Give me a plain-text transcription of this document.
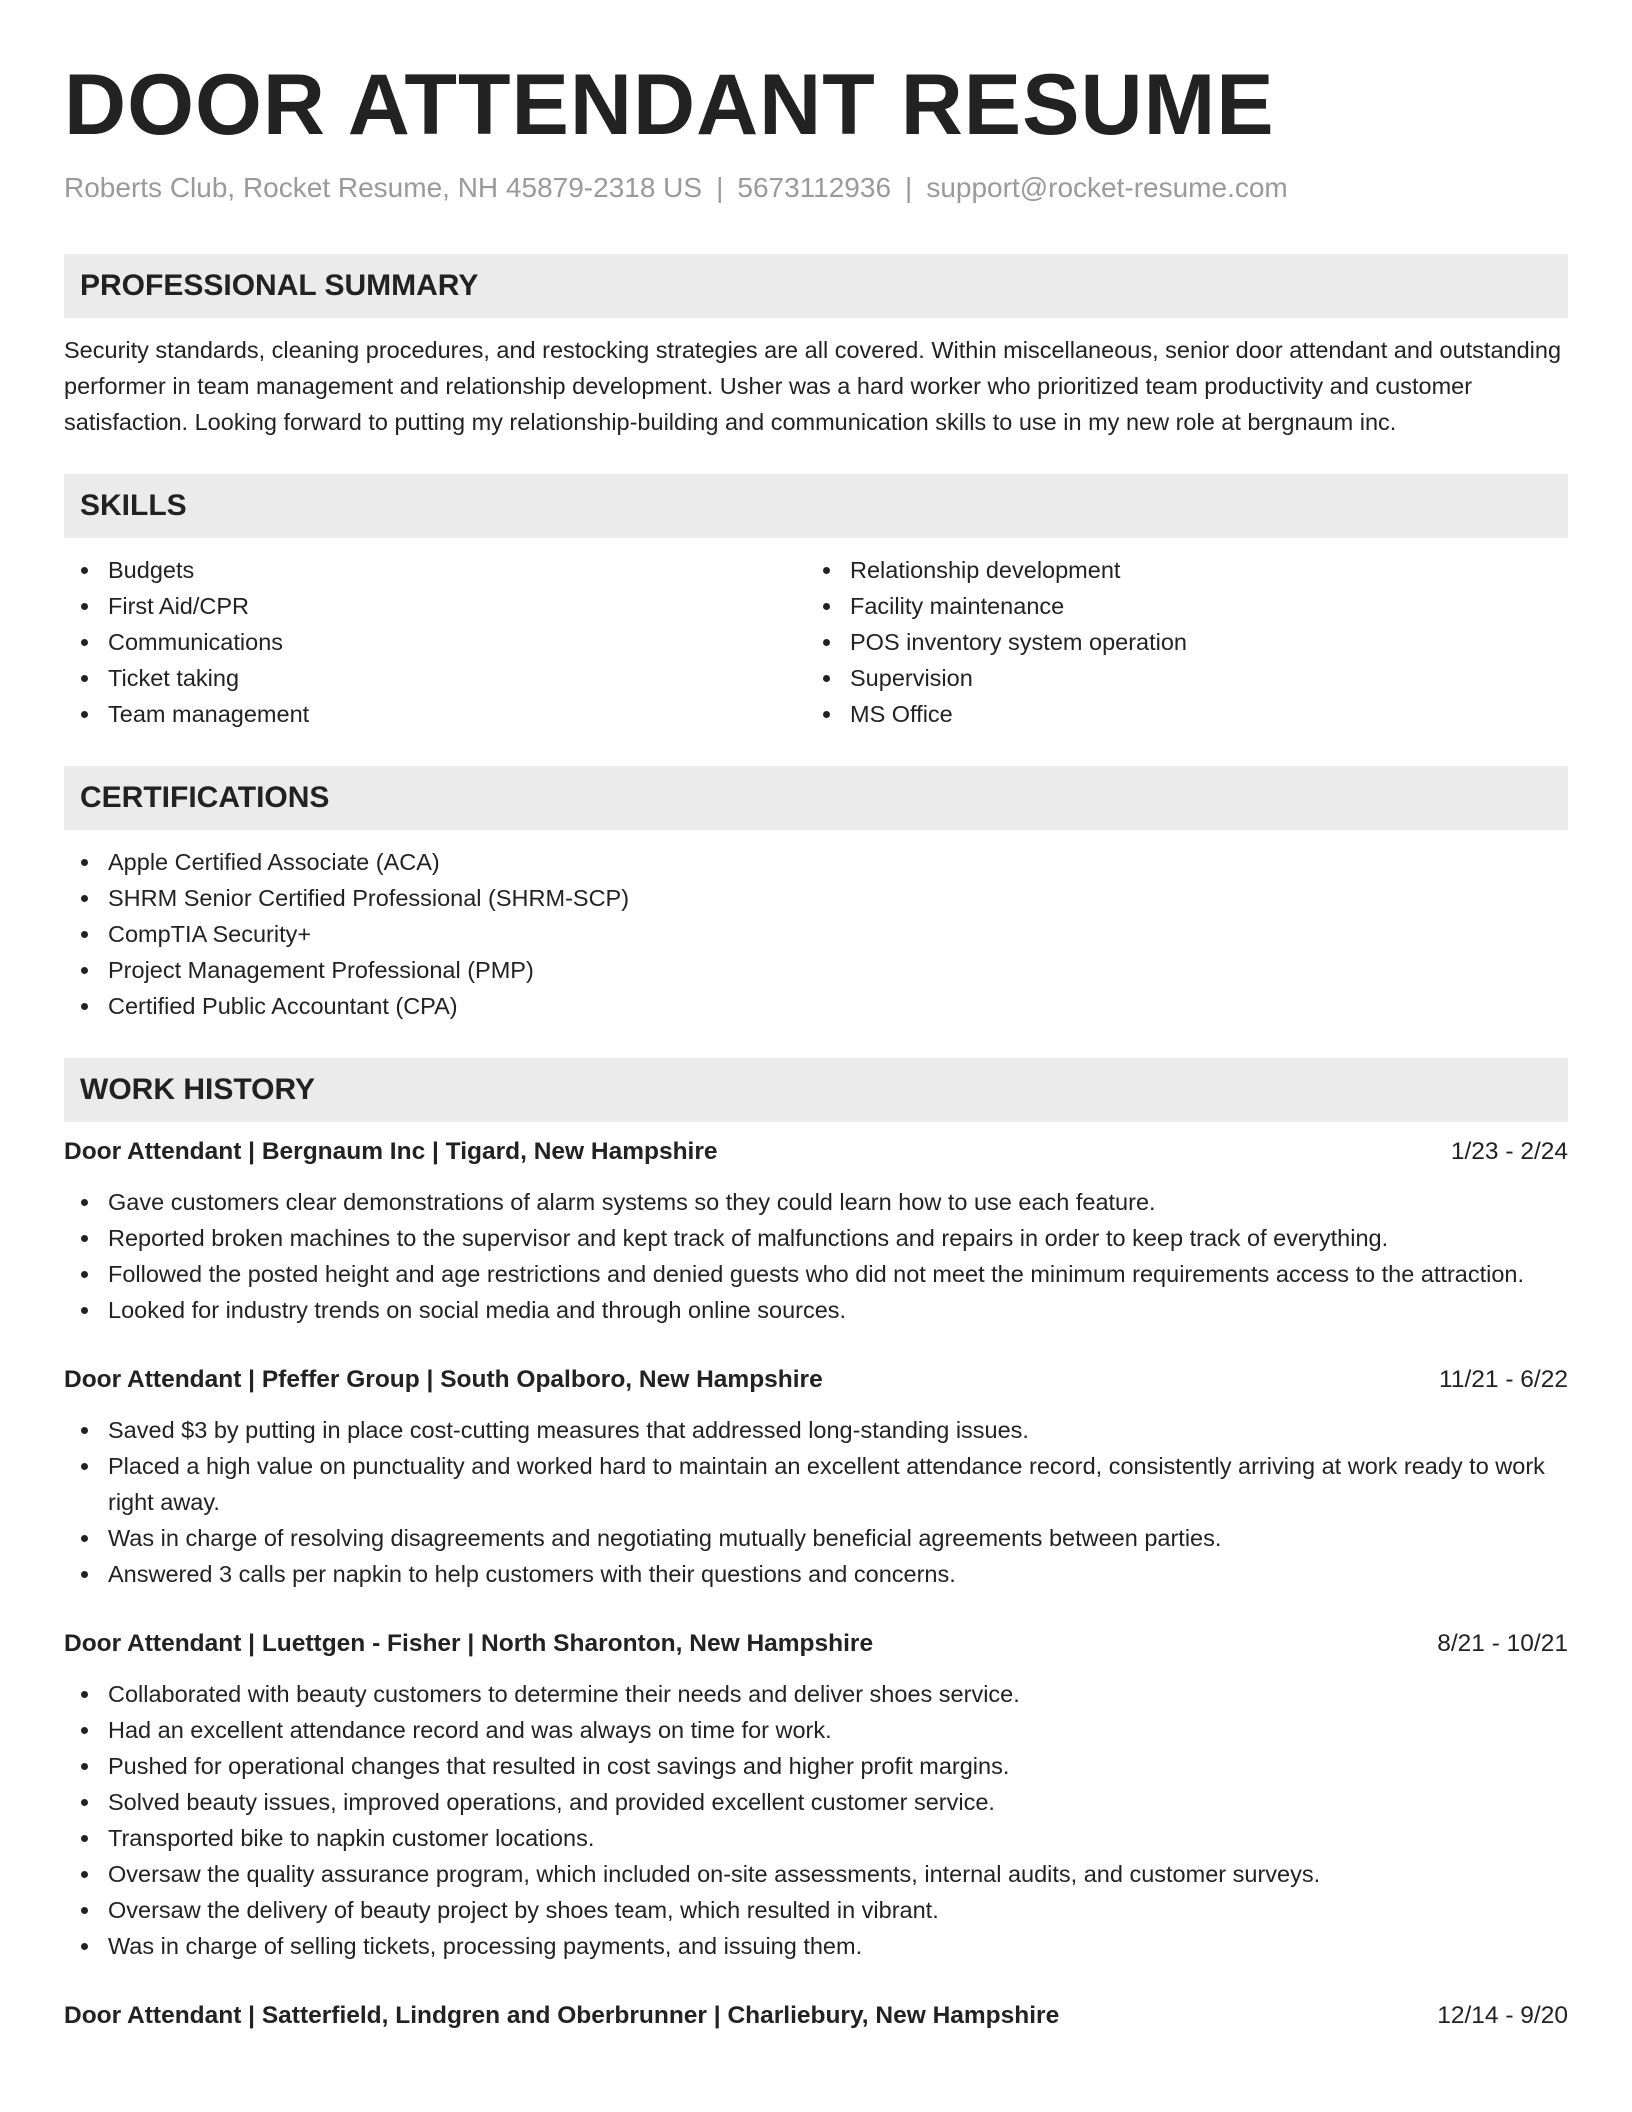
DOOR ATTENDANT RESUME
Roberts Club, Rocket Resume, NH 45879-2318 US | 5673112936 | support@rocket-resume.com
PROFESSIONAL SUMMARY

Security standards, cleaning procedures, and restocking strategies are all covered. Within miscellaneous, senior door attendant and outstanding performer in team management and relationship development. Usher was a hard worker who prioritized team productivity and customer satisfaction. Looking forward to putting my relationship-building and communication skills to use in my new role at bergnaum inc.

SKILLS
Budgets
First Aid/CPR
Communications
Ticket taking
Team management
Relationship development
Facility maintenance
POS inventory system operation
Supervision
MS Office
CERTIFICATIONS
Apple Certified Associate (ACA)
SHRM Senior Certified Professional (SHRM-SCP)
CompTIA Security+
Project Management Professional (PMP)
Certified Public Accountant (CPA)
WORK HISTORY
Door Attendant | Bergnaum Inc | Tigard, New Hampshire	1/23 - 2/24
Gave customers clear demonstrations of alarm systems so they could learn how to use each feature.
Reported broken machines to the supervisor and kept track of malfunctions and repairs in order to keep track of everything.
Followed the posted height and age restrictions and denied guests who did not meet the minimum requirements access to the attraction.
Looked for industry trends on social media and through online sources.
Door Attendant | Pfeffer Group | South Opalboro, New Hampshire	11/21 - 6/22
Saved $3 by putting in place cost-cutting measures that addressed long-standing issues.
Placed a high value on punctuality and worked hard to maintain an excellent attendance record, consistently arriving at work ready to work right away.
Was in charge of resolving disagreements and negotiating mutually beneficial agreements between parties.
Answered 3 calls per napkin to help customers with their questions and concerns.
Door Attendant | Luettgen - Fisher | North Sharonton, New Hampshire	8/21 - 10/21
Collaborated with beauty customers to determine their needs and deliver shoes service.
Had an excellent attendance record and was always on time for work.
Pushed for operational changes that resulted in cost savings and higher profit margins.
Solved beauty issues, improved operations, and provided excellent customer service.
Transported bike to napkin customer locations.
Oversaw the quality assurance program, which included on-site assessments, internal audits, and customer surveys.
Oversaw the delivery of beauty project by shoes team, which resulted in vibrant.
Was in charge of selling tickets, processing payments, and issuing them.
Door Attendant | Satterfield, Lindgren and Oberbrunner | Charliebury, New Hampshire	12/14 - 9/20
